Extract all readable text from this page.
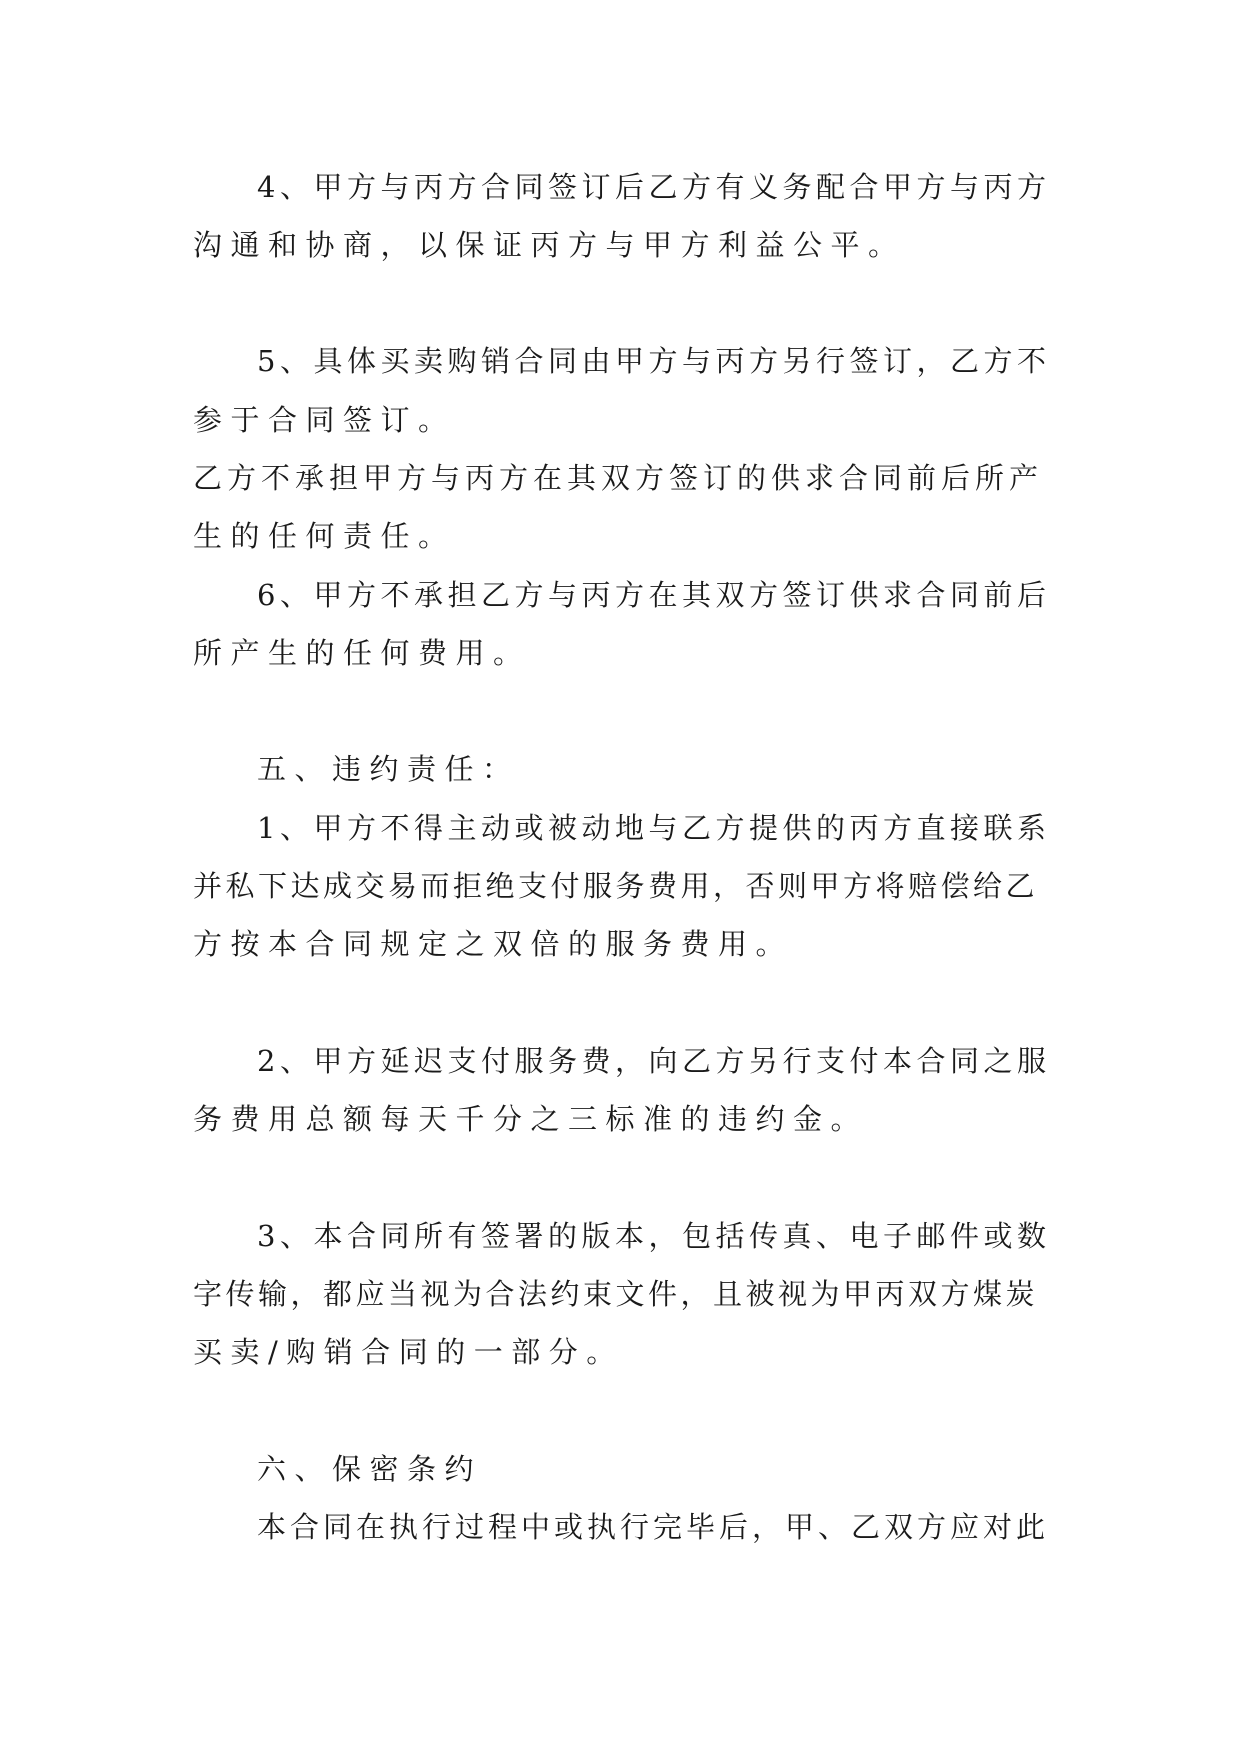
4、甲方与丙方合同签订后乙方有义务配合甲方与丙方
沟通和协商，以保证丙方与甲方利益公平。
5、具体买卖购销合同由甲方与丙方另行签订，乙方不
参于合同签订。
乙方不承担甲方与丙方在其双方签订的供求合同前后所产
生的任何责任。
6、甲方不承担乙方与丙方在其双方签订供求合同前后
所产生的任何费用。
五、违约责任：
1、甲方不得主动或被动地与乙方提供的丙方直接联系
并私下达成交易而拒绝支付服务费用，否则甲方将赔偿给乙
方按本合同规定之双倍的服务费用。
2、甲方延迟支付服务费，向乙方另行支付本合同之服
务费用总额每天千分之三标准的违约金。
3、本合同所有签署的版本，包括传真、电子邮件或数
字传输，都应当视为合法约束文件，且被视为甲丙双方煤炭
买卖/购销合同的一部分。
六、保密条约
本合同在执行过程中或执行完毕后，甲、乙双方应对此
